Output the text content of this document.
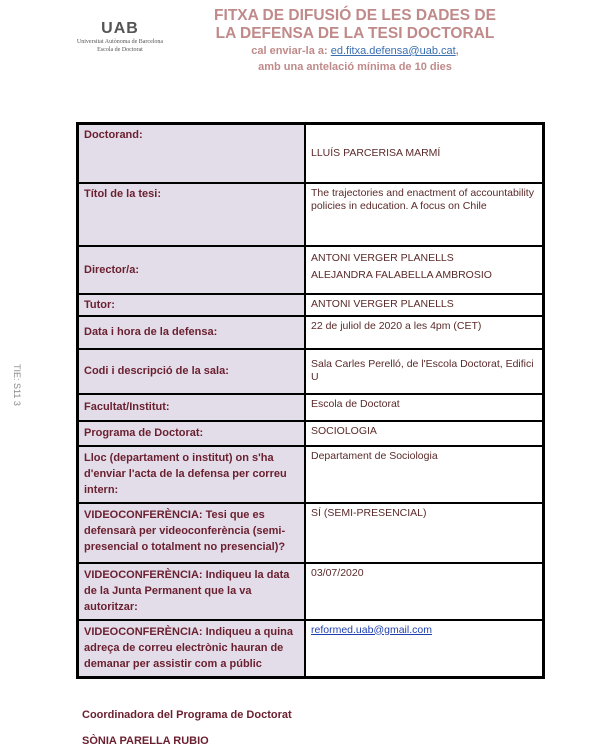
UAB
Universitat Autònoma de Barcelona
Escola de Doctorat
FITXA DE DIFUSIÓ DE LES DADES DE
LA DEFENSA DE LA TESI DOCTORAL
cal enviar-la a: ed.fitxa.defensa@uab.cat,
amb una antelació mínima de 10 dies
TIE: S11 3
Doctorand:	LLUÍS PARCERISA MARMÍ

Títol de la tesi:	The trajectories and enactment of accountability policies in education. A focus on Chile

Director/a:	ANTONI VERGER PLANELLS
ALEJANDRA FALABELLA AMBROSIO

Tutor:	ANTONI VERGER PLANELLS

Data i hora de la defensa:	22 de juliol de 2020 a les 4pm (CET)

Codi i descripció de la sala:	Sala Carles Perelló, de l'Escola Doctorat, Edifici U

Facultat/Institut:	Escola de Doctorat

Programa de Doctorat:	SOCIOLOGIA

Lloc (departament o institut) on s'ha d'enviar l'acta de la defensa per correu intern:	Departament de Sociologia

VIDEOCONFERÈNCIA: Tesi que es defensarà per videoconferència (semi-presencial o totalment no presencial)?	SÍ (SEMI-PRESENCIAL)

VIDEOCONFERÈNCIA: Indiqueu la data de la Junta Permanent que la va autoritzar:	03/07/2020

VIDEOCONFERÈNCIA: Indiqueu a quina adreça de correu electrònic hauran de demanar per assistir com a públic	reformed.uab@gmail.com
Coordinadora del Programa de Doctorat
SÒNIA PARELLA RUBIO
